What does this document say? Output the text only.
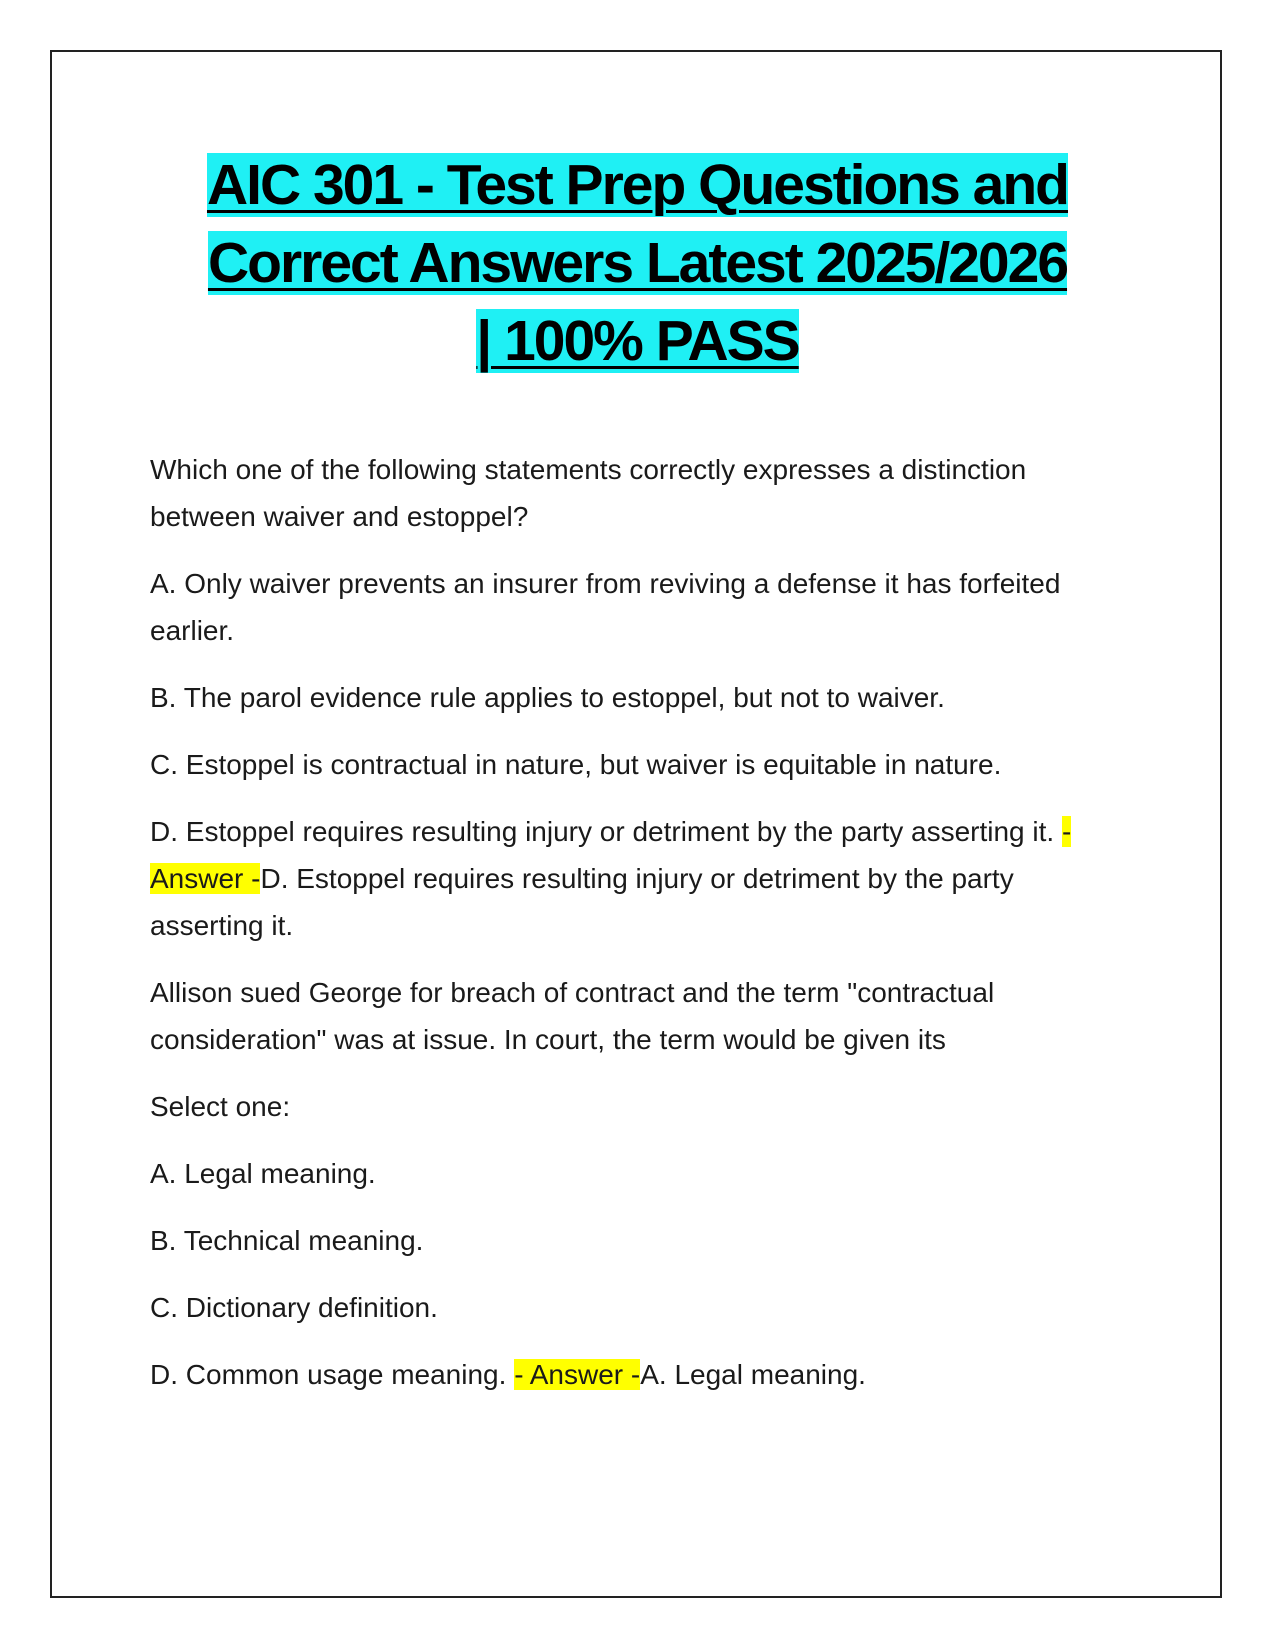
AIC 301 - Test Prep Questions and
Correct Answers Latest 2025/2026
| 100% PASS

Which one of the following statements correctly expresses a distinction between waiver and estoppel?

A. Only waiver prevents an insurer from reviving a defense it has forfeited earlier.

B. The parol evidence rule applies to estoppel, but not to waiver.

C. Estoppel is contractual in nature, but waiver is equitable in nature.

D. Estoppel requires resulting injury or detriment by the party asserting it. - Answer -D. Estoppel requires resulting injury or detriment by the party asserting it.

Allison sued George for breach of contract and the term "contractual consideration" was at issue. In court, the term would be given its

Select one:

A. Legal meaning.

B. Technical meaning.

C. Dictionary definition.

D. Common usage meaning. - Answer -A. Legal meaning.
